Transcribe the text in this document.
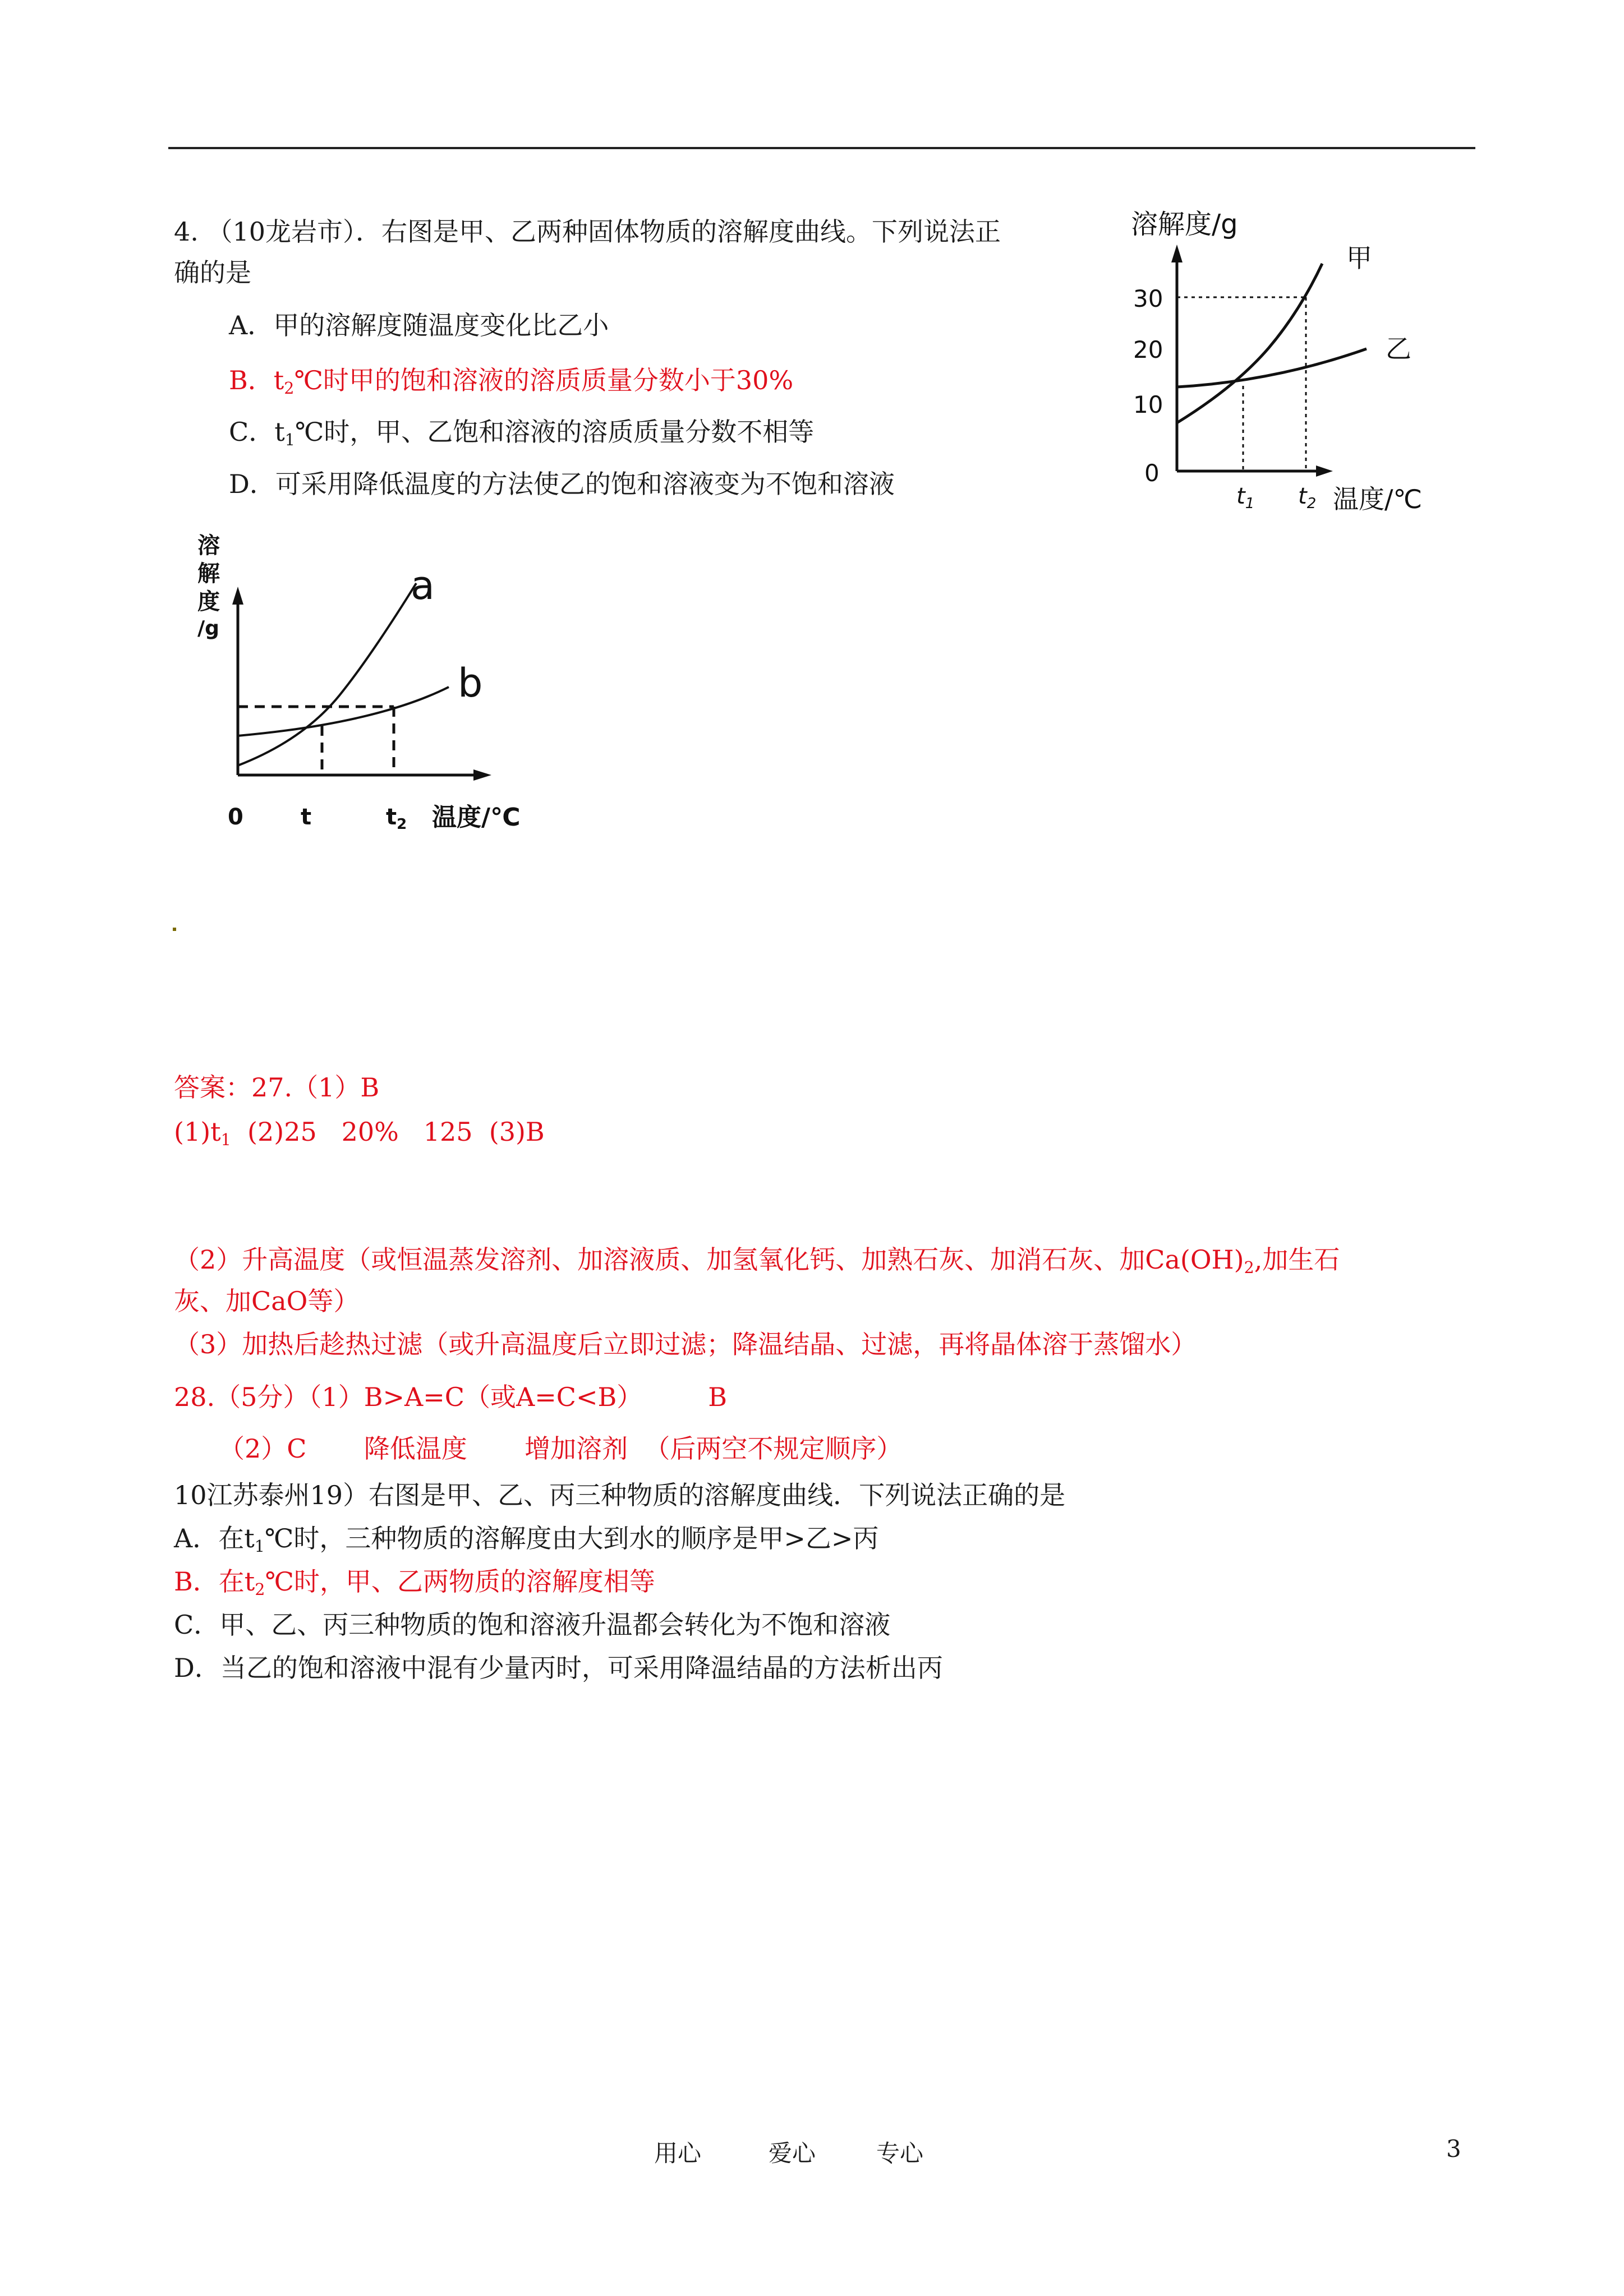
4. （10龙岩市）．右图是甲、乙两种固体物质的溶解度曲线。下列说法正
确的是
A．甲的溶解度随温度变化比乙小
B．$t_2℃$时甲的饱和溶液的溶质质量分数小于30%
C．$t_1℃$时，甲、乙饱和溶液的溶质质量分数不相等
D．可采用降低温度的方法使乙的饱和溶液变为不饱和溶液
溶解度/g
30
20
10
0
$t_1$ $t_2$ 温度/℃
甲
乙
溶
解
度
/g
a
b
0	t	$t_2$ 温度/℃
答案：27.（1）B
$(1)t_1$  (2)25   20%   125  (3)B
（2）升高温度（或恒温蒸发溶剂、加溶液质、加氢氧化钙、加熟石灰、加消石灰、加$Ca(OH)_2$,加生石
灰、加CaO等）
（3）加热后趁热过滤（或升高温度后立即过滤；降温结晶、过滤，再将晶体溶于蒸馏水）
28.（5分）（1）B>A=C（或A=C<B）        B
（2）C       降低温度       增加溶剂  （后两空不规定顺序）
10江苏泰州19）右图是甲、乙、丙三种物质的溶解度曲线．下列说法正确的是
A．在$t_1℃$时，三种物质的溶解度由大到水的顺序是甲>乙>丙
B．在$t_2℃$时，甲、乙两物质的溶解度相等
C．甲、乙、丙三种物质的饱和溶液升温都会转化为不饱和溶液
D．当乙的饱和溶液中混有少量丙时，可采用降温结晶的方法析出丙
用心	爱心	专心	3
